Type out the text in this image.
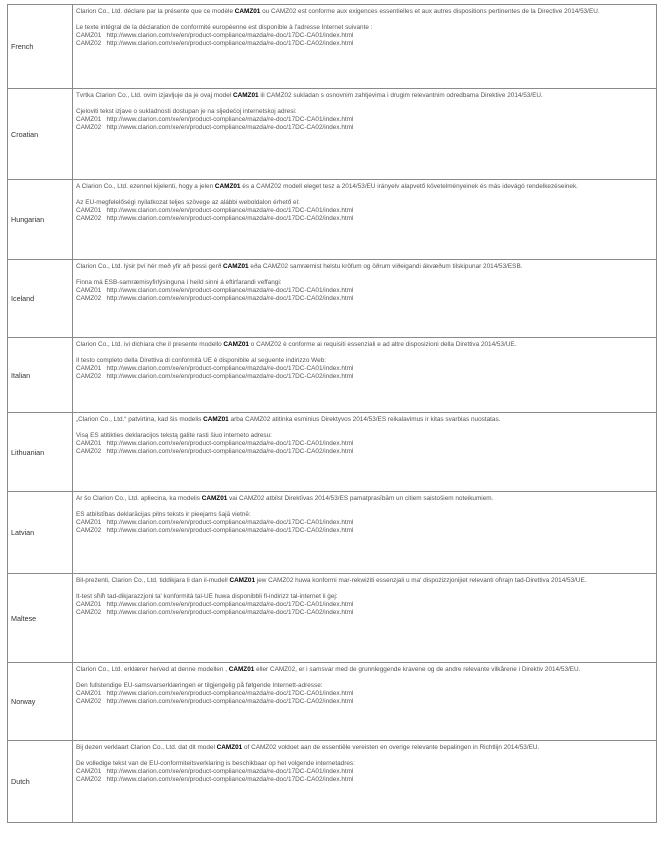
French	Clarion Co., Ltd. déclare par la présente que ce modèle CAMZ01 ou CAMZ02 est conforme aux exigences essentielles et aux autres dispositions pertinentes de la Directive 2014/53/EU.
Le texte intégral de la déclaration de conformité européenne est disponible à l'adresse Internet suivante :
CAMZ01   http://www.clarion.com/xe/en/product-compliance/mazda/re-doc/17DC-CA01/index.html
CAMZ02   http://www.clarion.com/xe/en/product-compliance/mazda/re-doc/17DC-CA02/index.html

Croatian	Tvrtka Clarion Co., Ltd. ovim izjavljuje da je ovaj model CAMZ01 ili CAMZ02 sukladan s osnovnim zahtjevima i drugim relevantnim odredbama Direktive 2014/53/EU.
Cjeloviti tekst izjave o sukladnosti dostupan je na sljedećoj internetskoj adresi:
CAMZ01   http://www.clarion.com/xe/en/product-compliance/mazda/re-doc/17DC-CA01/index.html
CAMZ02   http://www.clarion.com/xe/en/product-compliance/mazda/re-doc/17DC-CA02/index.html

Hungarian	A Clarion Co., Ltd. ezennel kijelenti, hogy a jelen CAMZ01 és a CAMZ02 modell eleget tesz a 2014/53/EU irányelv alapvető követelményeinek és más idevágó rendelkezéseinek.
Az EU-megfelelőségi nyilatkozat teljes szövege az alábbi weboldalon érhető el:
CAMZ01   http://www.clarion.com/xe/en/product-compliance/mazda/re-doc/17DC-CA01/index.html
CAMZ02   http://www.clarion.com/xe/en/product-compliance/mazda/re-doc/17DC-CA02/index.html

Iceland	Clarion Co., Ltd. lýsir því hér með yfir að þessi gerð CAMZ01 eða CAMZ02 samræmist helstu kröfum og öðrum viðeigandi ákvæðum tilskipunar 2014/53/ESB.
Finna má ESB-samræmisyfirlýsinguna í heild sinni á eftirfarandi veffangi:
CAMZ01   http://www.clarion.com/xe/en/product-compliance/mazda/re-doc/17DC-CA01/index.html
CAMZ02   http://www.clarion.com/xe/en/product-compliance/mazda/re-doc/17DC-CA02/index.html

Italian	Clarion Co., Ltd. ivi dichiara che il presente modello CAMZ01 o CAMZ02 è conforme ai requisiti essenziali e ad altre disposizioni della Direttiva 2014/53/UE.
Il testo completo della Direttiva di conformità UE è disponibile al seguente indirizzo Web:
CAMZ01   http://www.clarion.com/xe/en/product-compliance/mazda/re-doc/17DC-CA01/index.html
CAMZ02   http://www.clarion.com/xe/en/product-compliance/mazda/re-doc/17DC-CA02/index.html

Lithuanian	„Clarion Co., Ltd.“ patvirtina, kad šis modelis CAMZ01 arba CAMZ02 atitinka esminius Direktyvos 2014/53/ES reikalavimus ir kitas svarbias nuostatas.
Visą ES atitikties deklaracijos tekstą galite rasti šiuo interneto adresu:
CAMZ01   http://www.clarion.com/xe/en/product-compliance/mazda/re-doc/17DC-CA01/index.html
CAMZ02   http://www.clarion.com/xe/en/product-compliance/mazda/re-doc/17DC-CA02/index.html

Latvian	Ar šo Clarion Co., Ltd. apliecina, ka modelis CAMZ01 vai CAMZ02 atbilst Direktīvas 2014/53/ES pamatprasībām un citiem saistošiem noteikumiem.
ES atbilstības deklarācijas pilns teksts ir pieejams šajā vietnē:
CAMZ01   http://www.clarion.com/xe/en/product-compliance/mazda/re-doc/17DC-CA01/index.html
CAMZ02   http://www.clarion.com/xe/en/product-compliance/mazda/re-doc/17DC-CA02/index.html

Maltese	Bil-preżenti, Clarion Co., Ltd. tiddikjara li dan il-mudell CAMZ01 jew CAMZ02 huwa konformi mar-rekwiżiti essenzjali u ma' dispożizzjonijiet relevanti oħrajn tad-Direttiva 2014/53/UE.
It-test sħiħ tad-dikjarazzjoni ta' konformità tal-UE huwa disponibbli fl-indirizz tal-internet li ġej:
CAMZ01   http://www.clarion.com/xe/en/product-compliance/mazda/re-doc/17DC-CA01/index.html
CAMZ02   http://www.clarion.com/xe/en/product-compliance/mazda/re-doc/17DC-CA02/index.html

Norway	Clarion Co., Ltd. erklærer herved at denne modellen , CAMZ01 eller CAMZ02, er i samsvar med de grunnleggende kravene og de andre relevante vilkårene i Direktiv 2014/53/EU.
Den fullstendige EU-samsvarserklæringen er tilgjengelig på følgende Internett-adresse:
CAMZ01   http://www.clarion.com/xe/en/product-compliance/mazda/re-doc/17DC-CA01/index.html
CAMZ02   http://www.clarion.com/xe/en/product-compliance/mazda/re-doc/17DC-CA02/index.html

Dutch	Bij dezen verklaart Clarion Co., Ltd. dat dit model CAMZ01 of CAMZ02 voldoet aan de essentiële vereisten en overige relevante bepalingen in Richtlijn 2014/53/EU.
De volledige tekst van de EU-conformiteitsverklaring is beschikbaar op het volgende internetadres:
CAMZ01   http://www.clarion.com/xe/en/product-compliance/mazda/re-doc/17DC-CA01/index.html
CAMZ02   http://www.clarion.com/xe/en/product-compliance/mazda/re-doc/17DC-CA02/index.html
